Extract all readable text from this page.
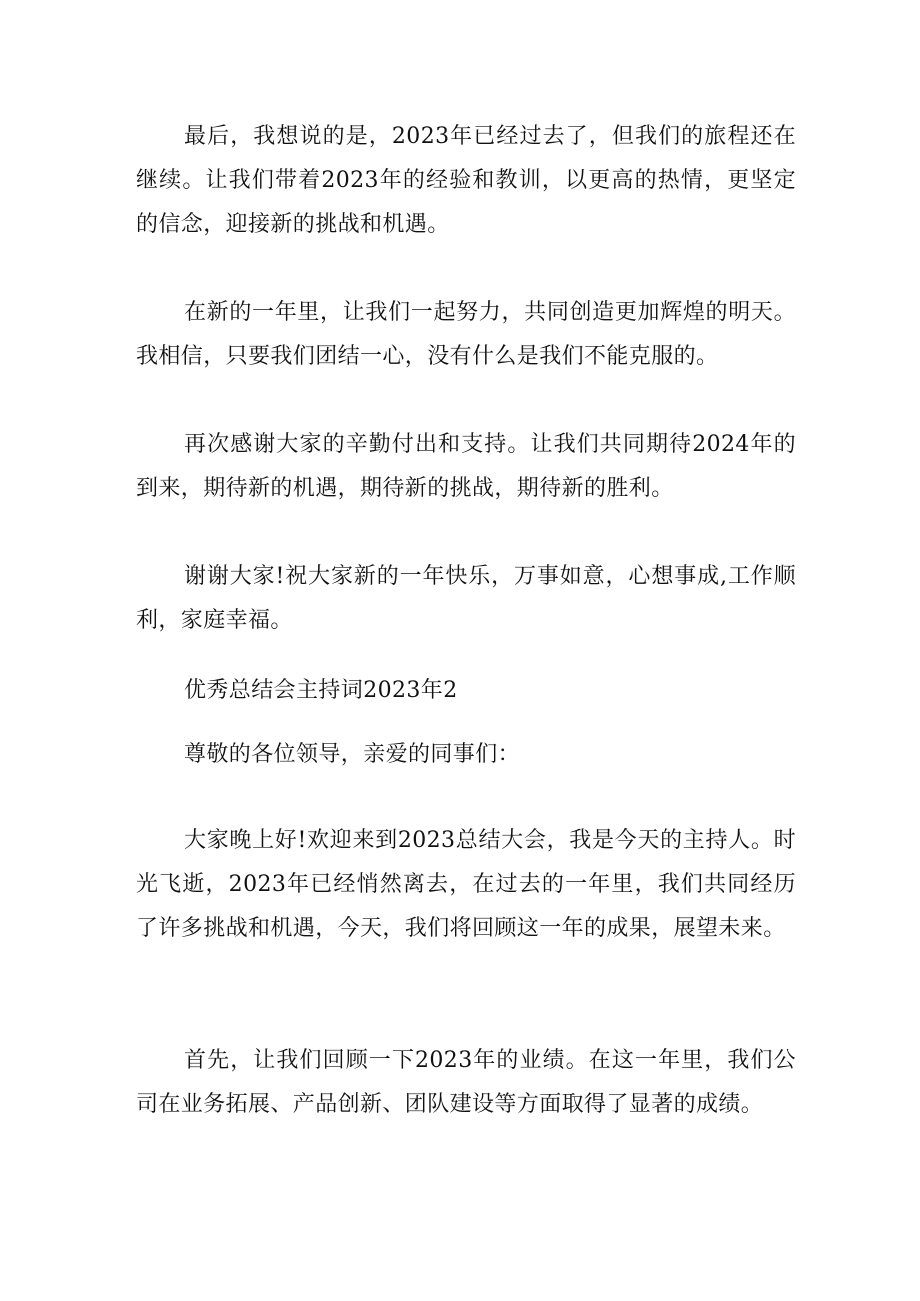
最后，我想说的是，2023年已经过去了，但我们的旅程还在继续。让我们带着2023年的经验和教训，以更高的热情，更坚定的信念，迎接新的挑战和机遇。

在新的一年里，让我们一起努力，共同创造更加辉煌的明天。我相信，只要我们团结一心，没有什么是我们不能克服的。

再次感谢大家的辛勤付出和支持。让我们共同期待2024年的到来，期待新的机遇，期待新的挑战，期待新的胜利。

谢谢大家!祝大家新的一年快乐，万事如意，心想事成,工作顺利，家庭幸福。

优秀总结会主持词2023年2

尊敬的各位领导，亲爱的同事们：

大家晚上好!欢迎来到2023总结大会，我是今天的主持人。时光飞逝，2023年已经悄然离去，在过去的一年里，我们共同经历了许多挑战和机遇，今天，我们将回顾这一年的成果，展望未来。

首先，让我们回顾一下2023年的业绩。在这一年里，我们公司在业务拓展、产品创新、团队建设等方面取得了显著的成绩。
